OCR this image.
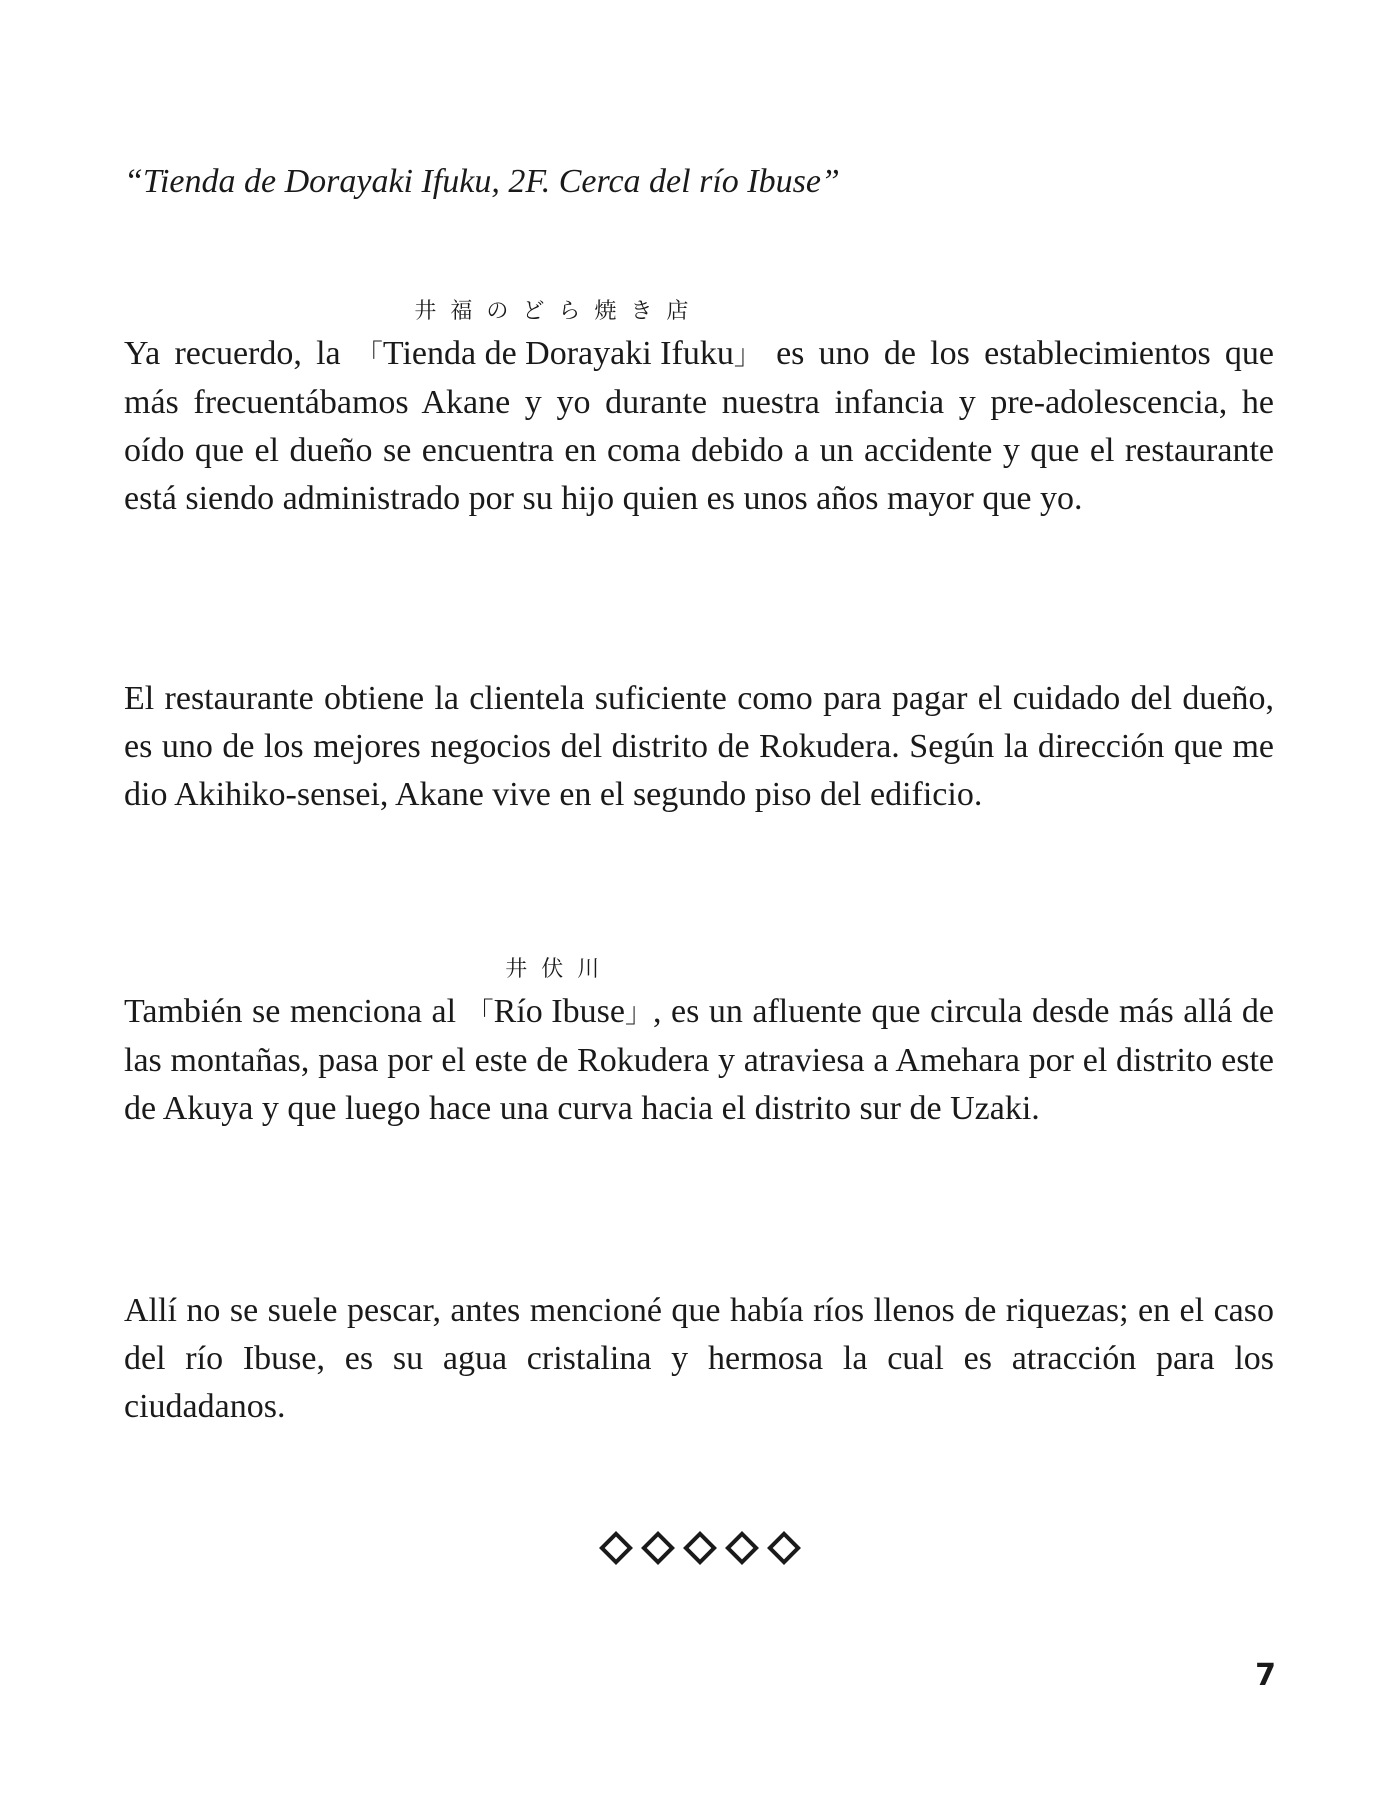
“Tienda de Dorayaki Ifuku, 2F. Cerca del río Ibuse”

Ya recuerdo, la
井福のどら焼き店
「Tienda de Dorayaki Ifuku」 es uno de los establecimientos que más frecuentábamos Akane y yo durante nuestra infancia y pre-adolescencia, he oído que el dueño se encuentra en coma debido a un accidente y que el restaurante está siendo administrado por su hijo quien es unos años mayor que yo.

El restaurante obtiene la clientela suficiente como para pagar el cuidado del dueño, es uno de los mejores negocios del distrito de Rokudera. Según la dirección que me dio Akihiko-sensei, Akane vive en el segundo piso del edificio.

También se menciona al
井伏川
「Río Ibuse」, es un afluente que circula desde más allá de las montañas, pasa por el este de Rokudera y atraviesa a Amehara por el distrito este de Akuya y que luego hace una curva hacia el distrito sur de Uzaki.

Allí no se suele pescar, antes mencioné que había ríos llenos de riquezas; en el caso del río Ibuse, es su agua cristalina y hermosa la cual es atracción para los ciudadanos.

7
